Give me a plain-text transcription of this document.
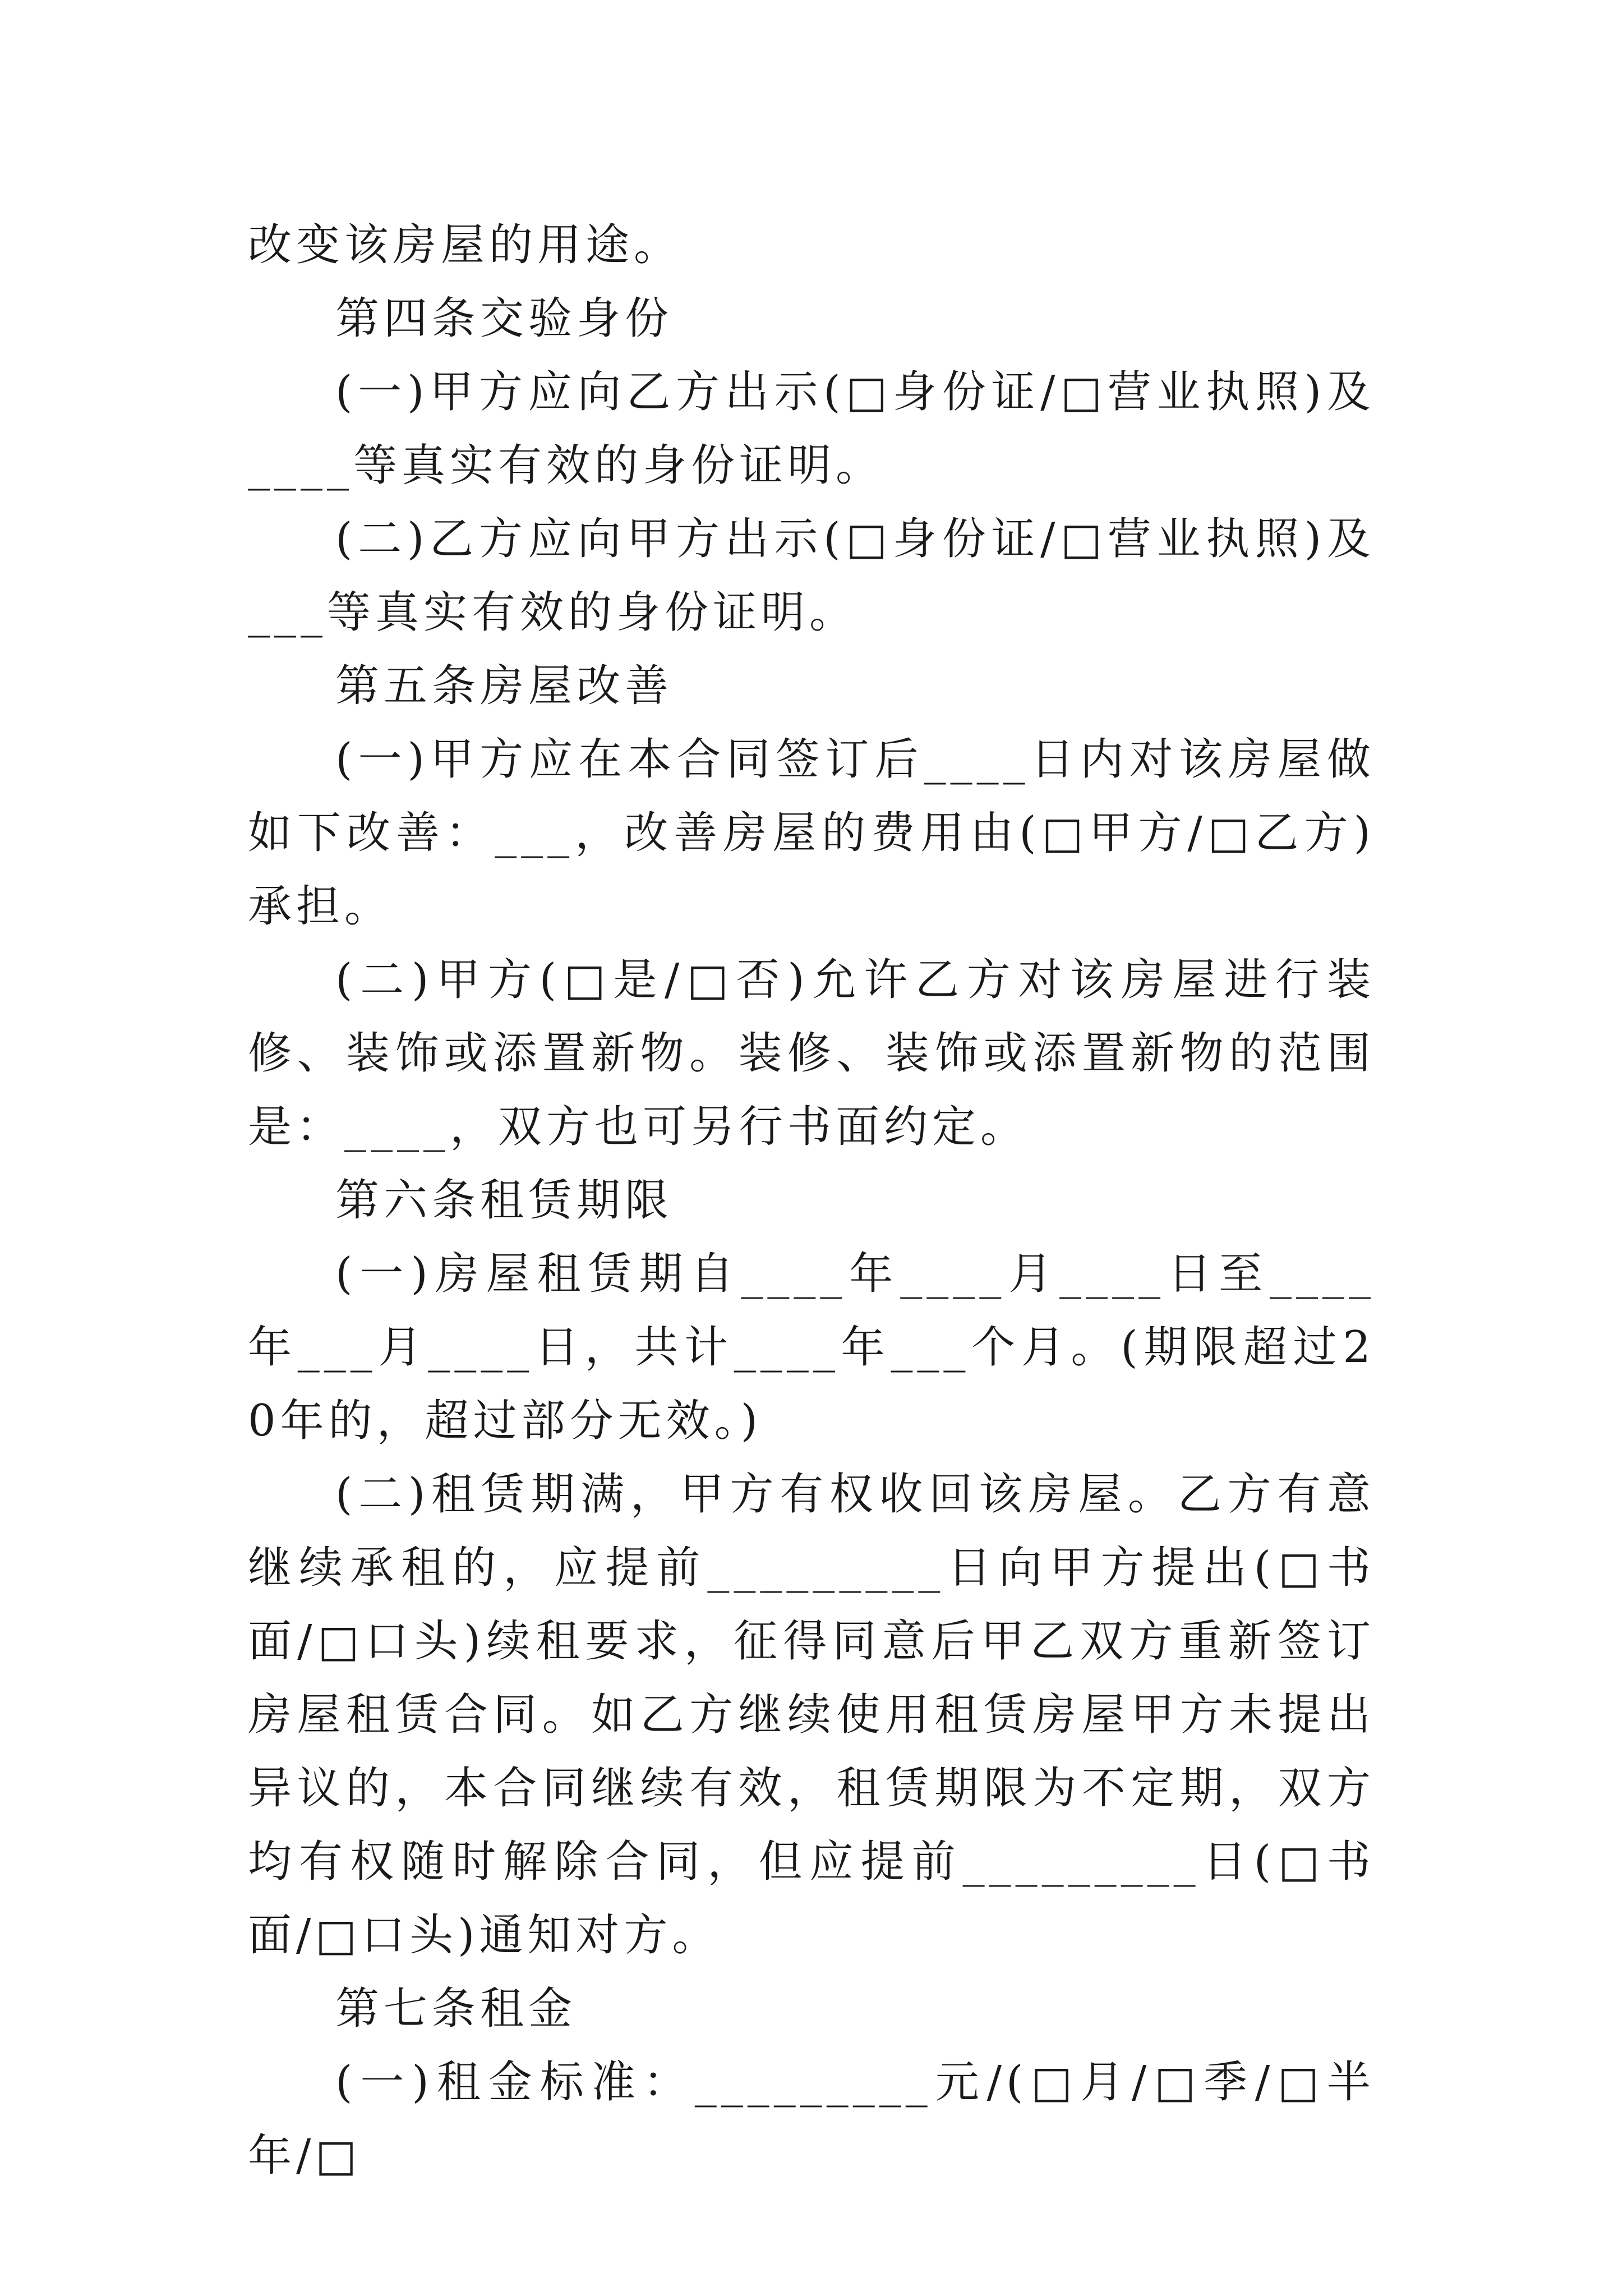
改变该房屋的用途。

第四条交验身份

(一)甲方应向乙方出示(□身份证/□营业执照)及____等真实有效的身份证明。

(二)乙方应向甲方出示(□身份证/□营业执照)及___等真实有效的身份证明。

第五条房屋改善

(一)甲方应在本合同签订后____日内对该房屋做如下改善：___，改善房屋的费用由(□甲方/□乙方)承担。

(二)甲方(□是/□否)允许乙方对该房屋进行装修、装饰或添置新物。装修、装饰或添置新物的范围是：____，双方也可另行书面约定。

第六条租赁期限

(一)房屋租赁期自____年____月____日至____年___月____日，共计____年___个月。(期限超过20年的，超过部分无效。)

(二)租赁期满，甲方有权收回该房屋。乙方有意继续承租的，应提前_________日向甲方提出(□书面/□口头)续租要求，征得同意后甲乙双方重新签订房屋租赁合同。如乙方继续使用租赁房屋甲方未提出异议的，本合同继续有效，租赁期限为不定期，双方均有权随时解除合同，但应提前_________日(□书面/□口头)通知对方。

第七条租金

(一)租金标准：_________元/(□月/□季/□半年/□
